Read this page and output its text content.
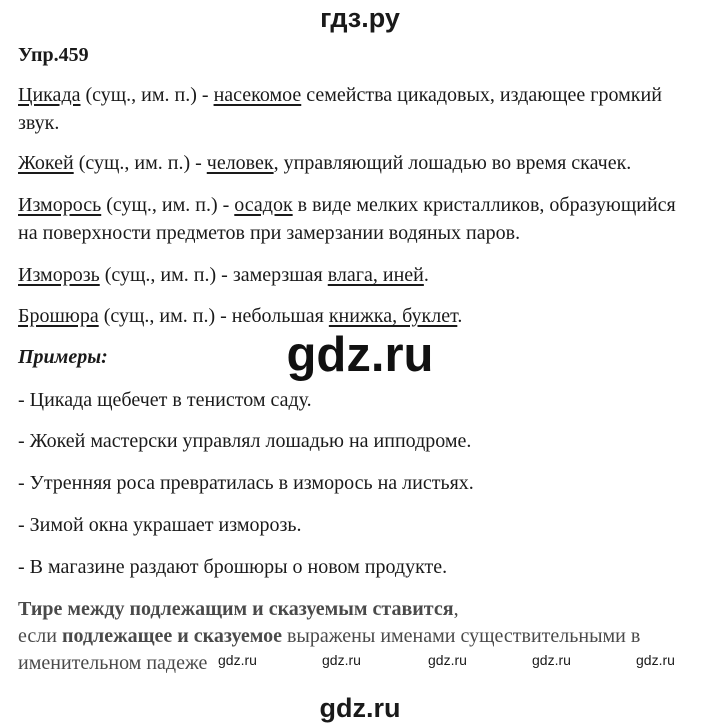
гдз.ру
Упр.459
Цикада (сущ., им. п.) - насекомое семейства цикадовых, издающее громкий
звук.
Жокей (сущ., им. п.) - человек, управляющий лошадью во время скачек.
Изморось (сущ., им. п.) - осадок в виде мелких кристалликов, образующийся
на поверхности предметов при замерзании водяных паров.
Изморозь (сущ., им. п.) - замерзшая влага, иней.
Брошюра (сущ., им. п.) - небольшая книжка, буклет.
Примеры:
- Цикада щебечет в тенистом саду.
- Жокей мастерски управлял лошадью на ипподроме.
- Утренняя роса превратилась в изморось на листьях.
- Зимой окна украшает изморозь.
- В магазине раздают брошюры о новом продукте.
Тире между подлежащим и сказуемым ставится,
если подлежащее и сказуемое выражены именами существительными в
именительном падеже
gdz.ru
gdz.ru	gdz.ru	gdz.ru	gdz.ru	gdz.ru
gdz.ru
